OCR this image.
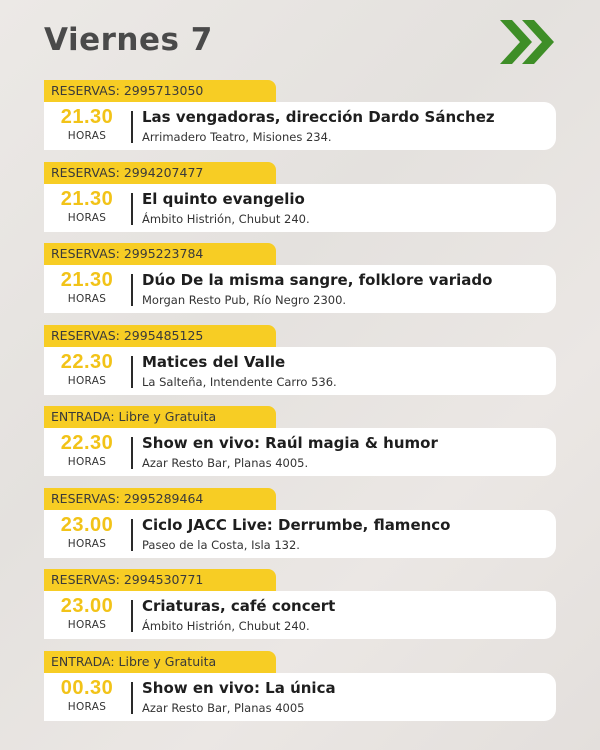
Viernes 7
RESERVAS: 2995713050
21.30
HORAS
Las vengadoras, dirección Dardo Sánchez
Arrimadero Teatro, Misiones 234.
RESERVAS: 2994207477
21.30
HORAS
El quinto evangelio
Ámbito Histrión, Chubut 240.
RESERVAS: 2995223784
21.30
HORAS
Dúo De la misma sangre, folklore variado
Morgan Resto Pub, Río Negro 2300.
RESERVAS: 2995485125
22.30
HORAS
Matices del Valle
La Salteña, Intendente Carro 536.
ENTRADA: Libre y Gratuita
22.30
HORAS
Show en vivo: Raúl magia & humor
Azar Resto Bar, Planas 4005.
RESERVAS: 2995289464
23.00
HORAS
Ciclo JACC Live: Derrumbe, flamenco
Paseo de la Costa, Isla 132.
RESERVAS: 2994530771
23.00
HORAS
Criaturas, café concert
Ámbito Histrión, Chubut 240.
ENTRADA: Libre y Gratuita
00.30
HORAS
Show en vivo: La única
Azar Resto Bar, Planas 4005
